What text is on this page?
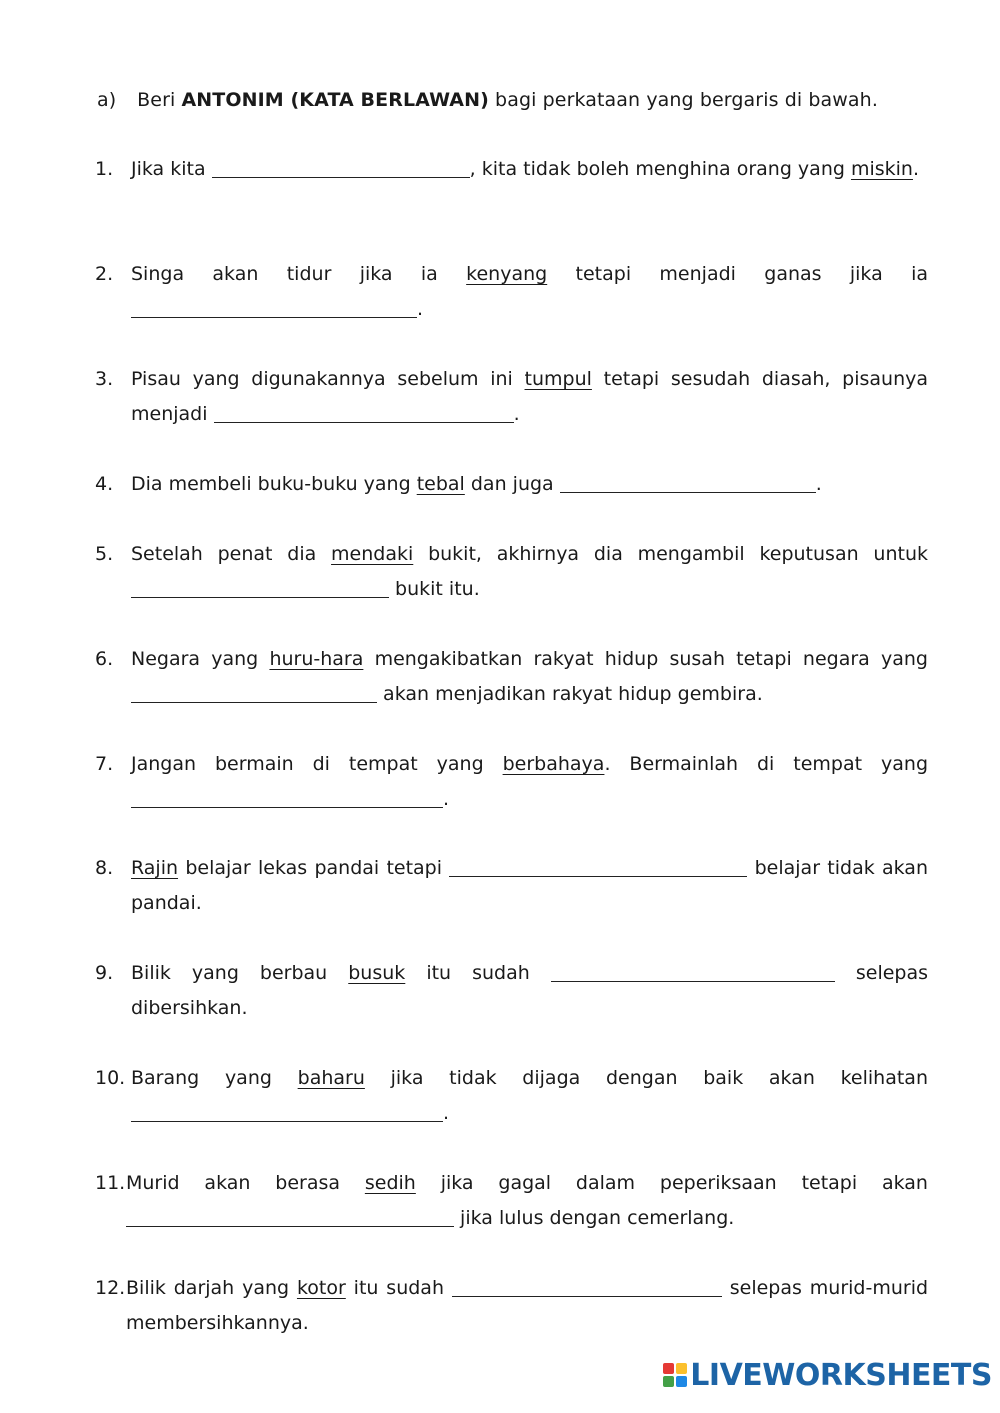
a) Beri ANTONIM (KATA BERLAWAN) bagi perkataan yang bergaris di bawah.
1. Jika kita	, kita tidak boleh menghina orang yang miskin.
2. Singa akan tidur jika ia kenyang tetapi menjadi ganas jika ia .
3. Pisau yang digunakannya sebelum ini tumpul tetapi sesudah diasah, pisaunya menjadi	.
4. Dia membeli buku-buku yang tebal dan juga	.
5. Setelah penat dia mendaki bukit, akhirnya dia mengambil keputusan untuk  bukit itu.
6. Negara yang huru-hara mengakibatkan rakyat hidup susah tetapi negara yang  akan menjadikan rakyat hidup gembira.
7. Jangan bermain di tempat yang berbahaya. Bermainlah di tempat yang .
8. Rajin belajar lekas pandai tetapi	belajar tidak akan pandai.
9. Bilik yang berbau busuk itu sudah	selepas dibersihkan.
10. Barang yang baharu jika tidak dijaga dengan baik akan kelihatan .
11. Murid akan berasa sedih jika gagal dalam peperiksaan tetapi akan  jika lulus dengan cemerlang.
12. Bilik darjah yang kotor itu sudah	selepas murid-murid membersihkannya.
LIVEWORKSHEETS
